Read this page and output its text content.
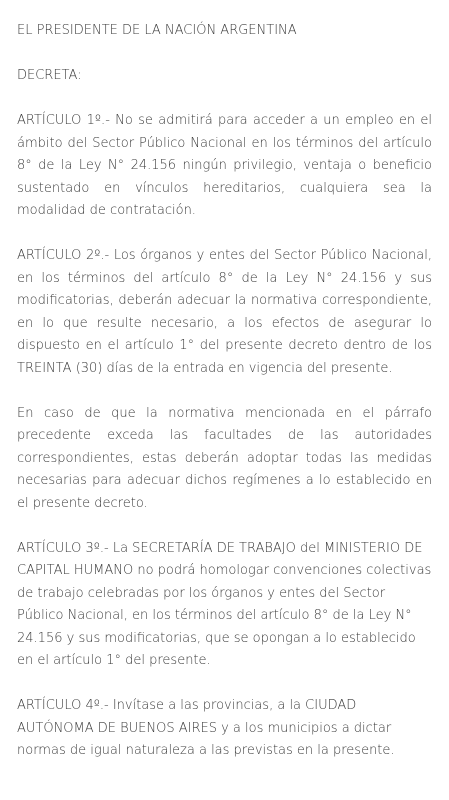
EL PRESIDENTE DE LA NACIÓN ARGENTINA

DECRETA:

ARTÍCULO 1º.- No se admitirá para acceder a un empleo en el ámbito del Sector Público Nacional en los términos del artículo 8° de la Ley N° 24.156 ningún privilegio, ventaja o beneficio sustentado en vínculos hereditarios, cualquiera sea la modalidad de contratación.

ARTÍCULO 2º.- Los órganos y entes del Sector Público Nacional, en los términos del artículo 8° de la Ley N° 24.156 y sus modificatorias, deberán adecuar la normativa correspondiente, en lo que resulte necesario, a los efectos de asegurar lo dispuesto en el artículo 1° del presente decreto dentro de los TREINTA (30) días de la entrada en vigencia del presente.

En caso de que la normativa mencionada en el párrafo precedente exceda las facultades de las autoridades correspondientes, estas deberán adoptar todas las medidas necesarias para adecuar dichos regímenes a lo establecido en el presente decreto.

ARTÍCULO 3º.- La SECRETARÍA DE TRABAJO del MINISTERIO DE CAPITAL HUMANO no podrá homologar convenciones colectivas de trabajo celebradas por los órganos y entes del Sector Público Nacional, en los términos del artículo 8° de la Ley N° 24.156 y sus modificatorias, que se opongan a lo establecido en el artículo 1° del presente.

ARTÍCULO 4º.- Invítase a las provincias, a la CIUDAD AUTÓNOMA DE BUENOS AIRES y a los municipios a dictar normas de igual naturaleza a las previstas en la presente.
